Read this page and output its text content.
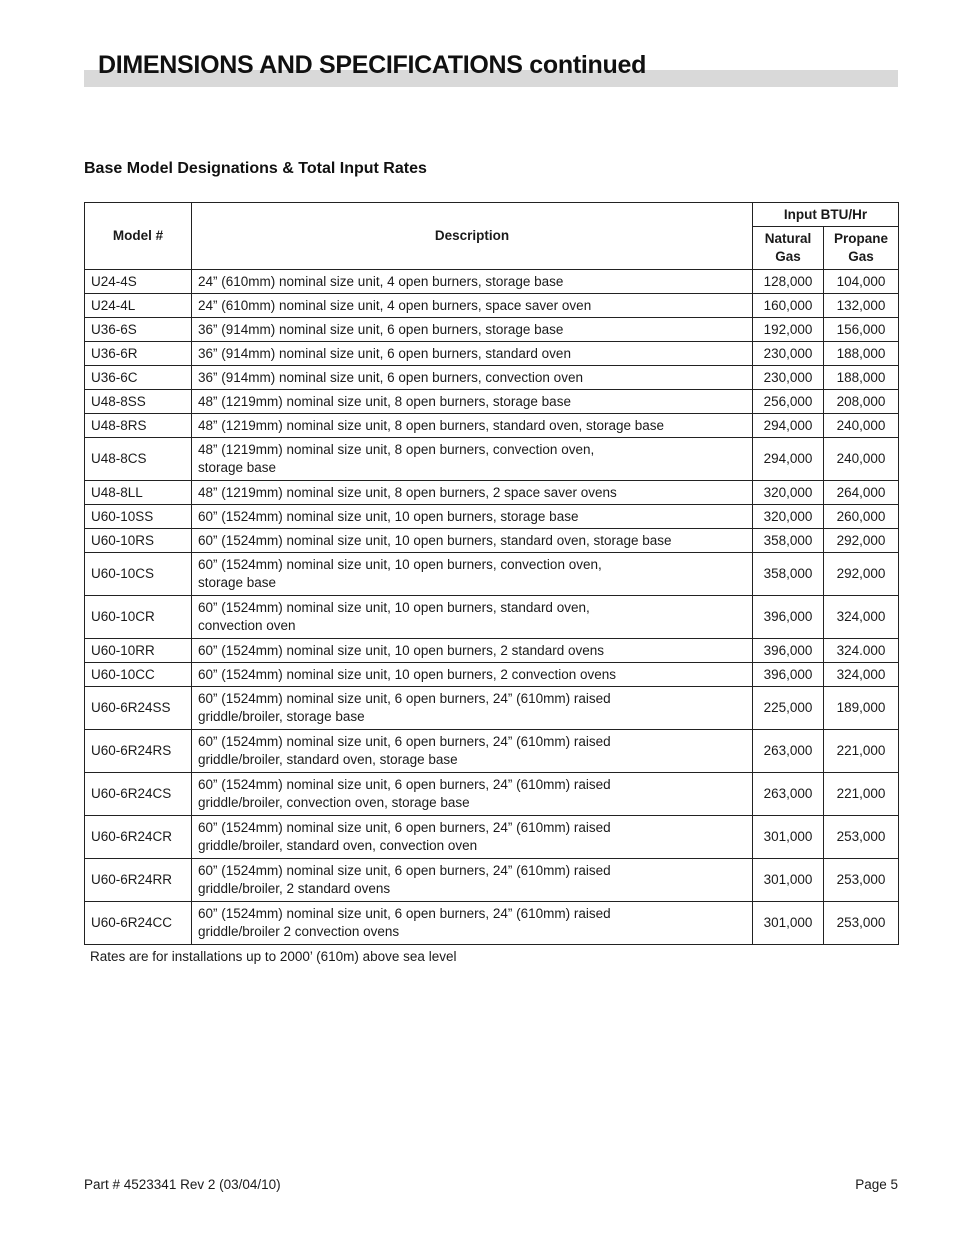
DIMENSIONS AND SPECIFICATIONS continued
Base Model Designations & Total Input Rates
Model #	Description	Input BTU/Hr	
		Natural Gas	Propane Gas
U24-4S	24” (610mm) nominal size unit, 4 open burners, storage base	128,000	104,000
U24-4L	24” (610mm) nominal size unit, 4 open burners, space saver oven	160,000	132,000
U36-6S	36” (914mm) nominal size unit, 6 open burners, storage base	192,000	156,000
U36-6R	36” (914mm) nominal size unit, 6 open burners, standard oven	230,000	188,000
U36-6C	36” (914mm) nominal size unit, 6 open burners, convection oven	230,000	188,000
U48-8SS	48” (1219mm) nominal size unit, 8 open burners, storage base	256,000	208,000
U48-8RS	48” (1219mm) nominal size unit, 8 open burners, standard oven, storage base	294,000	240,000
U48-8CS	48” (1219mm) nominal size unit, 8 open burners, convection oven,
storage base	294,000	240,000
U48-8LL	48” (1219mm) nominal size unit, 8 open burners, 2 space saver ovens	320,000	264,000
U60-10SS	60” (1524mm) nominal size unit, 10 open burners, storage base	320,000	260,000
U60-10RS	60” (1524mm) nominal size unit, 10 open burners, standard oven, storage base	358,000	292,000
U60-10CS	60” (1524mm) nominal size unit, 10 open burners, convection oven,
storage base	358,000	292,000
U60-10CR	60” (1524mm) nominal size unit, 10 open burners, standard oven,
convection oven	396,000	324,000
U60-10RR	60” (1524mm) nominal size unit, 10 open burners, 2 standard ovens	396,000	324.000
U60-10CC	60” (1524mm) nominal size unit, 10 open burners, 2 convection ovens	396,000	324,000
U60-6R24SS	60” (1524mm) nominal size unit, 6 open burners, 24” (610mm) raised
griddle/broiler, storage base	225,000	189,000
U60-6R24RS	60” (1524mm) nominal size unit, 6 open burners, 24” (610mm) raised
griddle/broiler, standard oven, storage base	263,000	221,000
U60-6R24CS	60” (1524mm) nominal size unit, 6 open burners, 24” (610mm) raised
griddle/broiler, convection oven, storage base	263,000	221,000
U60-6R24CR	60” (1524mm) nominal size unit, 6 open burners, 24” (610mm) raised
griddle/broiler, standard oven, convection oven	301,000	253,000
U60-6R24RR	60” (1524mm) nominal size unit, 6 open burners, 24” (610mm) raised
griddle/broiler, 2 standard ovens	301,000	253,000
U60-6R24CC	60” (1524mm) nominal size unit, 6 open burners, 24” (610mm) raised
griddle/broiler 2 convection ovens	301,000	253,000
Rates are for installations up to 2000’ (610m) above sea level
Part # 4523341 Rev 2 (03/04/10)	Page 5
